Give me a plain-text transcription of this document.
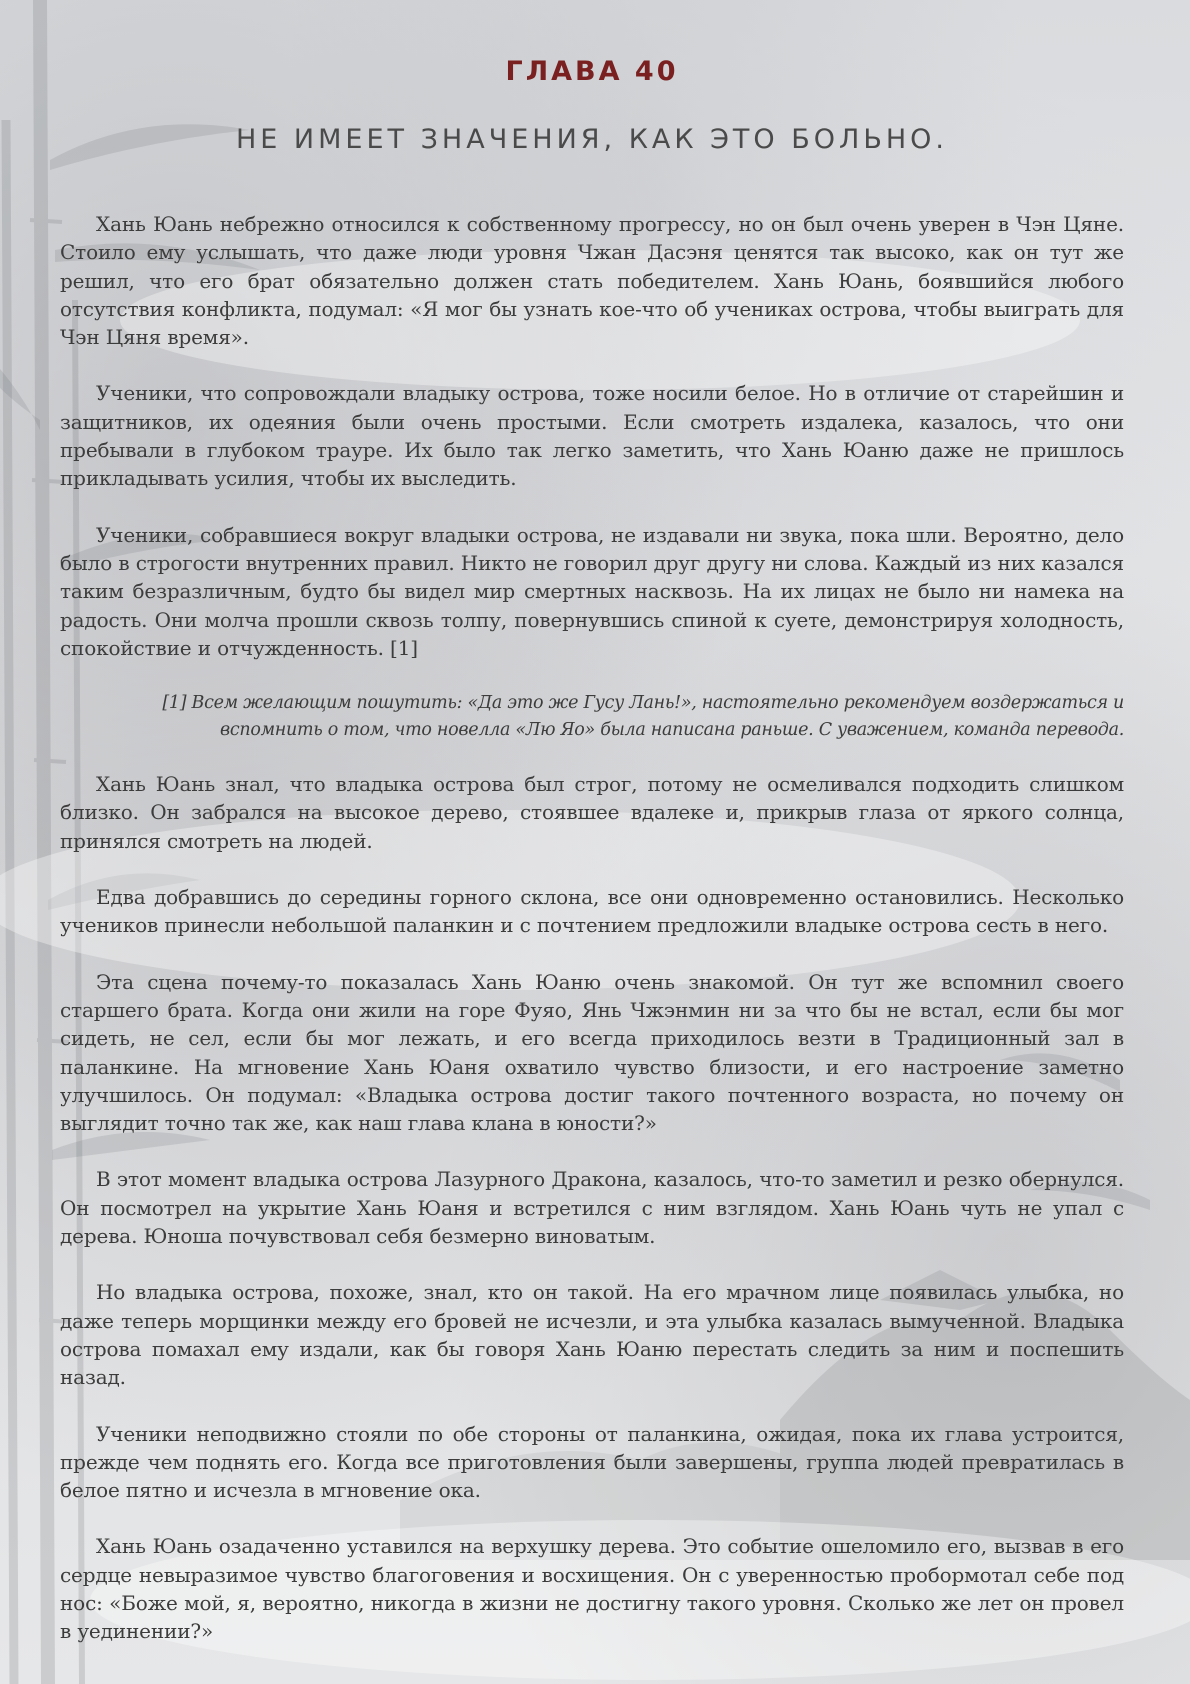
ГЛАВА 40
НЕ ИМЕЕТ ЗНАЧЕНИЯ, КАК ЭТО БОЛЬНО.

Хань Юань небрежно относился к собственному прогрессу, но он был очень уверен в Чэн Цяне. Стоило ему услышать, что даже люди уровня Чжан Дасэня ценятся так высоко, как он тут же решил, что его брат обязательно должен стать победителем. Хань Юань, боявшийся любого отсутствия конфликта, подумал: «Я мог бы узнать кое-что об учениках острова, чтобы выиграть для Чэн Цяня время».

Ученики, что сопровождали владыку острова, тоже носили белое. Но в отличие от старейшин и защитников, их одеяния были очень простыми. Если смотреть издалека, казалось, что они пребывали в глубоком трауре. Их было так легко заметить, что Хань Юаню даже не пришлось прикладывать усилия, чтобы их выследить.

Ученики, собравшиеся вокруг владыки острова, не издавали ни звука, пока шли. Вероятно, дело было в строгости внутренних правил. Никто не говорил друг другу ни слова. Каждый из них казался таким безразличным, будто бы видел мир смертных насквозь. На их лицах не было ни намека на радость. Они молча прошли сквозь толпу, повернувшись спиной к суете, демонстрируя холодность, спокойствие и отчужденность. [1]

[1] Всем желающим пошутить: «Да это же Гусу Лань!», настоятельно рекомендуем воздержаться и вспомнить о том, что новелла «Лю Яо» была написана раньше. С уважением, команда перевода.

Хань Юань знал, что владыка острова был строг, потому не осмеливался подходить слишком близко. Он забрался на высокое дерево, стоявшее вдалеке и, прикрыв глаза от яркого солнца, принялся смотреть на людей.

Едва добравшись до середины горного склона, все они одновременно остановились. Несколько учеников принесли небольшой паланкин и с почтением предложили владыке острова сесть в него.

Эта сцена почему-то показалась Хань Юаню очень знакомой. Он тут же вспомнил своего старшего брата. Когда они жили на горе Фуяо, Янь Чжэнмин ни за что бы не встал, если бы мог сидеть, не сел, если бы мог лежать, и его всегда приходилось везти в Традиционный зал в паланкине. На мгновение Хань Юаня охватило чувство близости, и его настроение заметно улучшилось. Он подумал: «Владыка острова достиг такого почтенного возраста, но почему он выглядит точно так же, как наш глава клана в юности?»

В этот момент владыка острова Лазурного Дракона, казалось, что-то заметил и резко обернулся. Он посмотрел на укрытие Хань Юаня и встретился с ним взглядом. Хань Юань чуть не упал с дерева. Юноша почувствовал себя безмерно виноватым.

Но владыка острова, похоже, знал, кто он такой. На его мрачном лице появилась улыбка, но даже теперь морщинки между его бровей не исчезли, и эта улыбка казалась вымученной. Владыка острова помахал ему издали, как бы говоря Хань Юаню перестать следить за ним и поспешить назад.

Ученики неподвижно стояли по обе стороны от паланкина, ожидая, пока их глава устроится, прежде чем поднять его. Когда все приготовления были завершены, группа людей превратилась в белое пятно и исчезла в мгновение ока.

Хань Юань озадаченно уставился на верхушку дерева. Это событие ошеломило его, вызвав в его сердце невыразимое чувство благоговения и восхищения. Он с уверенностью пробормотал себе под нос: «Боже мой, я, вероятно, никогда в жизни не достигну такого уровня. Сколько же лет он провел в уединении?»
